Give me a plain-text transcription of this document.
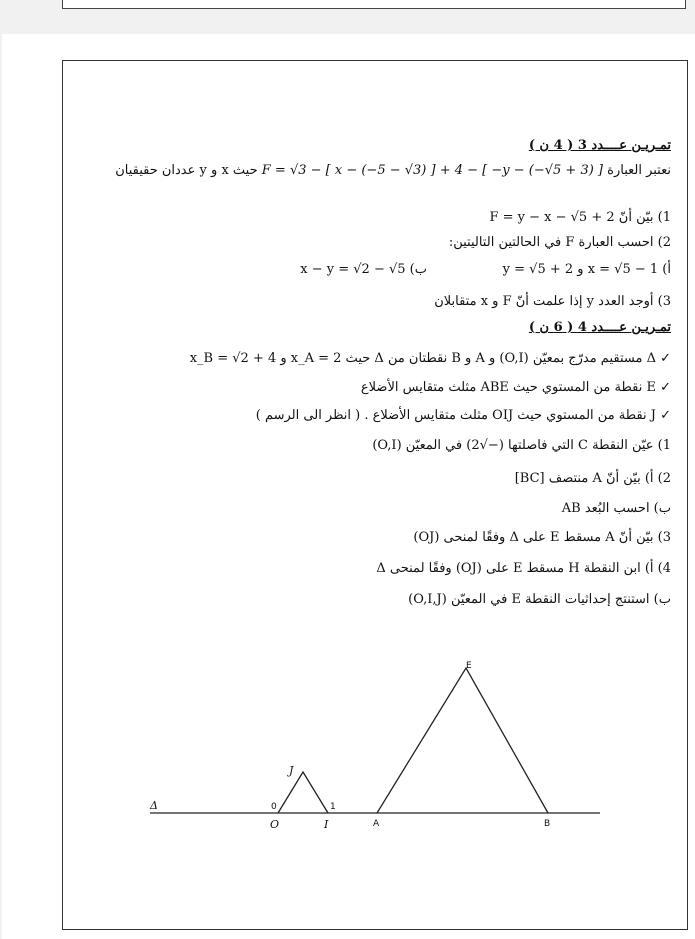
تمـريـن عــــدد 3 ( 4 ن )
نعتبر العبارة F = √3 − [ x − (−5 − √3) ] + 4 − [ −y − (−√5 + 3) ] حيث x و y عددان حقيقيان
1) بيّن أنّ F = y − x − √5 + 2
2) احسب العبارة F في الحالتين التاليتين:
أ) x = √5 − 1 و y = √5 + 2
ب) x − y = √2 − √5
3) أوجد العدد y إذا علمت أنّ F و x متقابلان
تمـريـن عــــدد 4 ( 6 ن )
✓ Δ مستقيم مدرّج بمعيّن (O,I) و A و B نقطتان من Δ حيث x_A = 2 و x_B = √2 + 4
✓ E نقطة من المستوي حيث ABE مثلث متقايس الأضلاع
✓ J نقطة من المستوي حيث OIJ مثلث متقايس الأضلاع . ( انظر الى الرسم )
1) عيّن النقطة C التي فاصلتها (−√2) في المعيّن (O,I)
2) أ) بيّن أنّ A منتصف [BC]
ب) احسب البُعد AB
3) بيّن أنّ A مسقط E على Δ وفقًا لمنحى (OJ)
4) أ) ابن النقطة H مسقط E على (OJ) وفقًا لمنحى Δ
ب) استنتج إحداثيات النقطة E في المعيّن (O,I,J)
Δ	0
O
1
I
J
A	B
E
